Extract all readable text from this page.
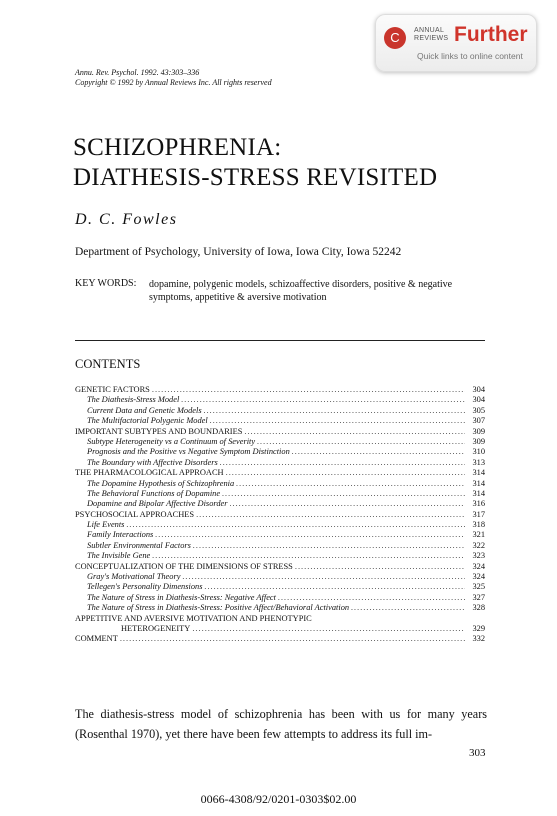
C	ANNUAL
REVIEWS Further
Quick links to online content
Annu. Rev. Psychol. 1992. 43:303–336
Copyright © 1992 by Annual Reviews Inc. All rights reserved
SCHIZOPHRENIA:
DIATHESIS-STRESS REVISITED
D. C. Fowles
Department of Psychology, University of Iowa, Iowa City, Iowa 52242
KEY WORDS: dopamine, polygenic models, schizoaffective disorders, positive & negative symptoms, appetitive & aversive motivation
CONTENTS
GENETIC FACTORS .....	304
The Diathesis-Stress Model .....	304
Current Data and Genetic Models .....	305
The Multifactorial Polygenic Model .....	307
IMPORTANT SUBTYPES AND BOUNDARIES .....	309
Subtype Heterogeneity vs a Continuum of Severity .....	309
Prognosis and the Positive vs Negative Symptom Distinction .....	310
The Boundary with Affective Disorders .....	313
THE PHARMACOLOGICAL APPROACH .....	314
The Dopamine Hypothesis of Schizophrenia .....	314
The Behavioral Functions of Dopamine .....	314
Dopamine and Bipolar Affective Disorder .....	316
PSYCHOSOCIAL APPROACHES .....	317
Life Events .....	318
Family Interactions .....	321
Subtler Environmental Factors .....	322
The Invisible Gene .....	323
CONCEPTUALIZATION OF THE DIMENSIONS OF STRESS .....	324
Gray's Motivational Theory .....	324
Tellegen's Personality Dimensions .....	325
The Nature of Stress in Diathesis-Stress: Negative Affect .....	327
The Nature of Stress in Diathesis-Stress: Positive Affect/Behavioral Activation .....	328
APPETITIVE AND AVERSIVE MOTIVATION AND PHENOTYPIC
HETEROGENEITY .....	329
COMMENT .....	332
The diathesis-stress model of schizophrenia has been with us for many years (Rosenthal 1970), yet there have been few attempts to address its full im-
303
0066-4308/92/0201-0303$02.00
